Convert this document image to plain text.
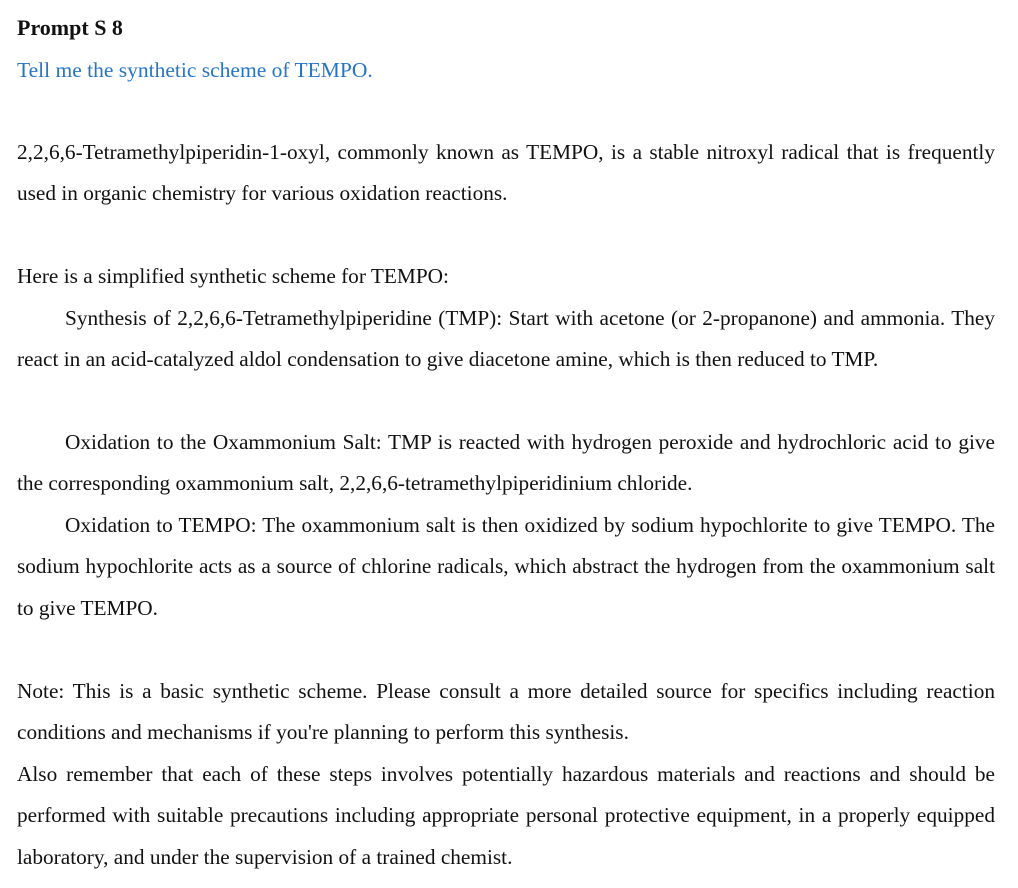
Prompt S 8
Tell me the synthetic scheme of TEMPO.

2,2,6,6-Tetramethylpiperidin-1-oxyl, commonly known as TEMPO, is a stable nitroxyl radical that is frequently used in organic chemistry for various oxidation reactions.

Here is a simplified synthetic scheme for TEMPO:

Synthesis of 2,2,6,6-Tetramethylpiperidine (TMP): Start with acetone (or 2-propanone) and ammonia. They react in an acid-catalyzed aldol condensation to give diacetone amine, which is then reduced to TMP.

Oxidation to the Oxammonium Salt: TMP is reacted with hydrogen peroxide and hydrochloric acid to give the corresponding oxammonium salt, 2,2,6,6-tetramethylpiperidinium chloride.

Oxidation to TEMPO: The oxammonium salt is then oxidized by sodium hypochlorite to give TEMPO. The sodium hypochlorite acts as a source of chlorine radicals, which abstract the hydrogen from the oxammonium salt to give TEMPO.

Note: This is a basic synthetic scheme. Please consult a more detailed source for specifics including reaction conditions and mechanisms if you're planning to perform this synthesis.

Also remember that each of these steps involves potentially hazardous materials and reactions and should be performed with suitable precautions including appropriate personal protective equipment, in a properly equipped laboratory, and under the supervision of a trained chemist.
